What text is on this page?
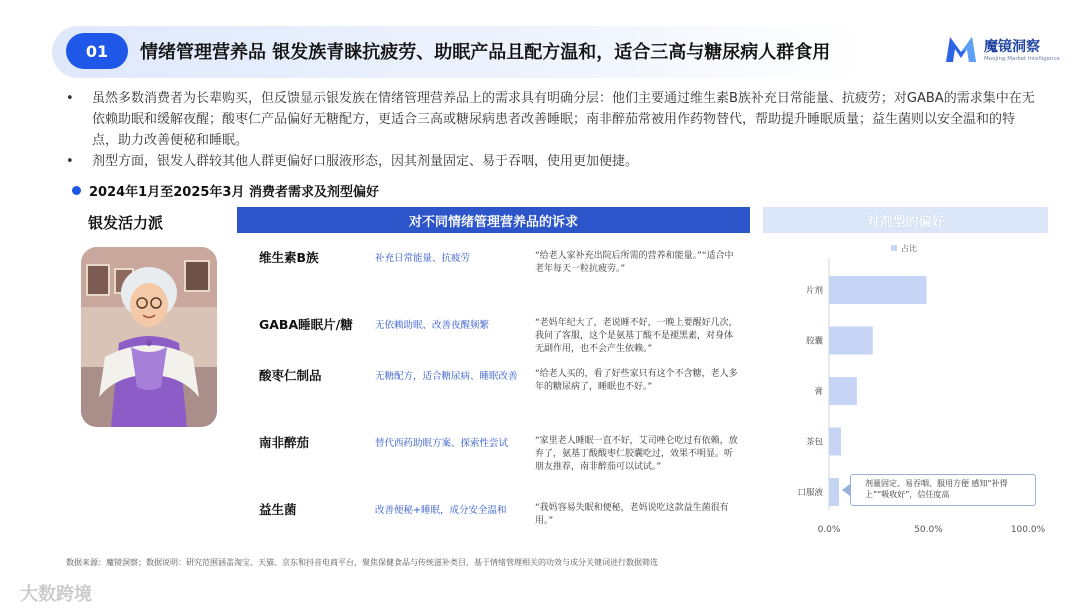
01	情绪管理营养品 银发族青睐抗疲劳、助眠产品且配方温和，适合三高与糖尿病人群食用	魔镜洞察
Moojing Market Intelligence

• 虽然多数消费者为长辈购买，但反馈显示银发族在情绪管理营养品上的需求具有明确分层：他们主要通过维生素B族补充日常能量、抗疲劳；对GABA的需求集中在无依赖助眠和缓解夜醒；酸枣仁产品偏好无糖配方，更适合三高或糖尿病患者改善睡眠；南非醉茄常被用作药物替代，帮助提升睡眠质量；益生菌则以安全温和的特点，助力改善便秘和睡眠。

• 剂型方面，银发人群较其他人群更偏好口服液形态，因其剂量固定、易于吞咽，使用更加便捷。

2024年1月至2025年3月 消费者需求及剂型偏好
银发活力派	对不同情绪管理营养品的诉求
维生素B族	补充日常能量、抗疲劳	“给老人家补充出院后所需的营养和能量。”“适合中老年每天一粒抗疲劳。”
GABA睡眠片/糖 无依赖助眠、改善夜醒频繁	“老妈年纪大了，老说睡不好，一晚上要醒好几次，我问了客服，这个是氨基丁酸不是褪黑素，对身体无副作用，也不会产生依赖。”
酸枣仁制品	无糖配方，适合糖尿病、睡眠改善 “给老人买的，看了好些家只有这个不含糖，老人多年的糖尿病了，睡眠也不好。”
南非醉茄	替代西药助眠方案、探索性尝试	“家里老人睡眠一直不好，艾司唑仑吃过有依赖，放弃了，氨基丁酸酸枣仁胶囊吃过，效果不明显。听朋友推荐，南非醉茄可以试试。”
益生菌	改善便秘+睡眠，成分安全温和	“我妈容易失眠和便秘，老妈说吃这款益生菌很有用。”
对剂型的偏好
占比
片剂
胶囊
膏
茶包
口服液
0.0%	50.0%	100.0%
剂量固定、易吞咽、服用方便 感知“补得上”“吸收好”，信任度高
数据来源：魔镜洞察；数据说明：研究范围涵盖淘宝、天猫、京东和抖音电商平台，聚焦保健食品与传统滋补类目，基于情绪管理相关的功效与成分关键词进行数据筛选
大数跨境
